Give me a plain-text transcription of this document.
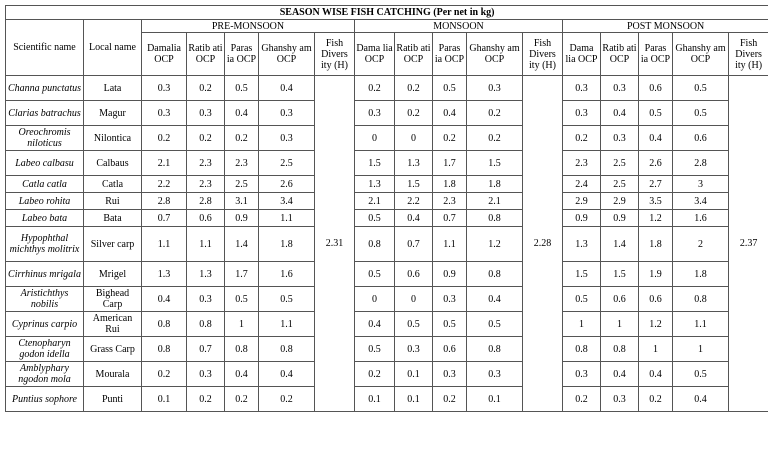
SEASON WISE FISH CATCHING (Per net in kg)																
Scientific name	Local name	PRE-MONSOON					MONSOON					POST MONSOON				
		Damalia OCP	Ratib ati OCP	Paras ia OCP	Ghanshy am OCP	Fish Divers ity (H)	Dama lia OCP	Ratib ati OCP	Paras ia OCP	Ghanshy am OCP	Fish Divers ity (H)	Dama lia OCP	Ratib ati OCP	Paras ia OCP	Ghanshy am OCP	Fish Divers ity (H)
Channa punctatus	Lata	0.3	0.2	0.5	0.4	2.31	0.2	0.2	0.5	0.3	2.28	0.3	0.3	0.6	0.5	2.37
Clarias batrachus	Magur	0.3	0.3	0.4	0.3		0.3	0.2	0.4	0.2		0.3	0.4	0.5	0.5	
Oreochromis niloticus	Nilontica	0.2	0.2	0.2	0.3		0	0	0.2	0.2		0.2	0.3	0.4	0.6	
Labeo calbasu	Calbaus	2.1	2.3	2.3	2.5		1.5	1.3	1.7	1.5		2.3	2.5	2.6	2.8	
Catla catla	Catla	2.2	2.3	2.5	2.6		1.3	1.5	1.8	1.8		2.4	2.5	2.7	3	
Labeo rohita	Rui	2.8	2.8	3.1	3.4		2.1	2.2	2.3	2.1		2.9	2.9	3.5	3.4	
Labeo bata	Bata	0.7	0.6	0.9	1.1		0.5	0.4	0.7	0.8		0.9	0.9	1.2	1.6	
Hypophthal michthys molitrix	Silver carp	1.1	1.1	1.4	1.8		0.8	0.7	1.1	1.2		1.3	1.4	1.8	2	
Cirrhinus mrigala	Mrigel	1.3	1.3	1.7	1.6		0.5	0.6	0.9	0.8		1.5	1.5	1.9	1.8	
Aristichthys nobilis	Bighead Carp	0.4	0.3	0.5	0.5		0	0	0.3	0.4		0.5	0.6	0.6	0.8	
Cyprinus carpio	American Rui	0.8	0.8	1	1.1		0.4	0.5	0.5	0.5		1	1	1.2	1.1	
Ctenopharyn godon idella	Grass Carp	0.8	0.7	0.8	0.8		0.5	0.3	0.6	0.8		0.8	0.8	1	1	
Amblyphary ngodon mola	Mourala	0.2	0.3	0.4	0.4		0.2	0.1	0.3	0.3		0.3	0.4	0.4	0.5	
Puntius sophore	Punti	0.1	0.2	0.2	0.2		0.1	0.1	0.2	0.1		0.2	0.3	0.2	0.4	
